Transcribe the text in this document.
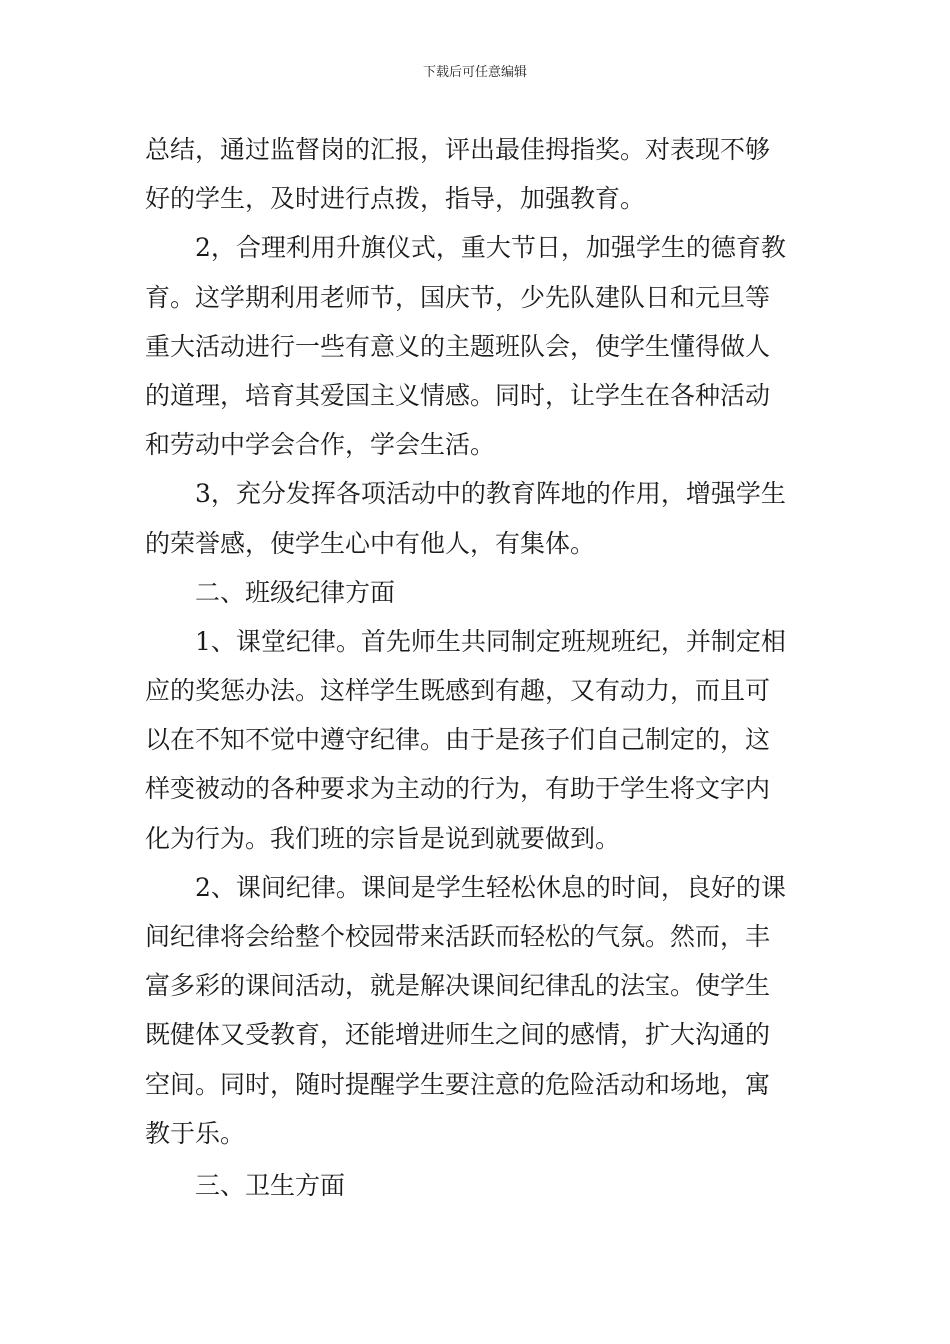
下载后可任意编辑
总结，通过监督岗的汇报，评出最佳拇指奖。对表现不够
好的学生，及时进行点拨，指导，加强教育。
2，合理利用升旗仪式，重大节日，加强学生的德育教
育。这学期利用老师节，国庆节，少先队建队日和元旦等
重大活动进行一些有意义的主题班队会，使学生懂得做人
的道理，培育其爱国主义情感。同时，让学生在各种活动
和劳动中学会合作，学会生活。
3，充分发挥各项活动中的教育阵地的作用，增强学生
的荣誉感，使学生心中有他人，有集体。
二、班级纪律方面
1、课堂纪律。首先师生共同制定班规班纪，并制定相
应的奖惩办法。这样学生既感到有趣，又有动力，而且可
以在不知不觉中遵守纪律。由于是孩子们自己制定的，这
样变被动的各种要求为主动的行为，有助于学生将文字内
化为行为。我们班的宗旨是说到就要做到。
2、课间纪律。课间是学生轻松休息的时间，良好的课
间纪律将会给整个校园带来活跃而轻松的气氛。然而，丰
富多彩的课间活动，就是解决课间纪律乱的法宝。使学生
既健体又受教育，还能增进师生之间的感情，扩大沟通的
空间。同时，随时提醒学生要注意的危险活动和场地，寓
教于乐。
三、卫生方面
